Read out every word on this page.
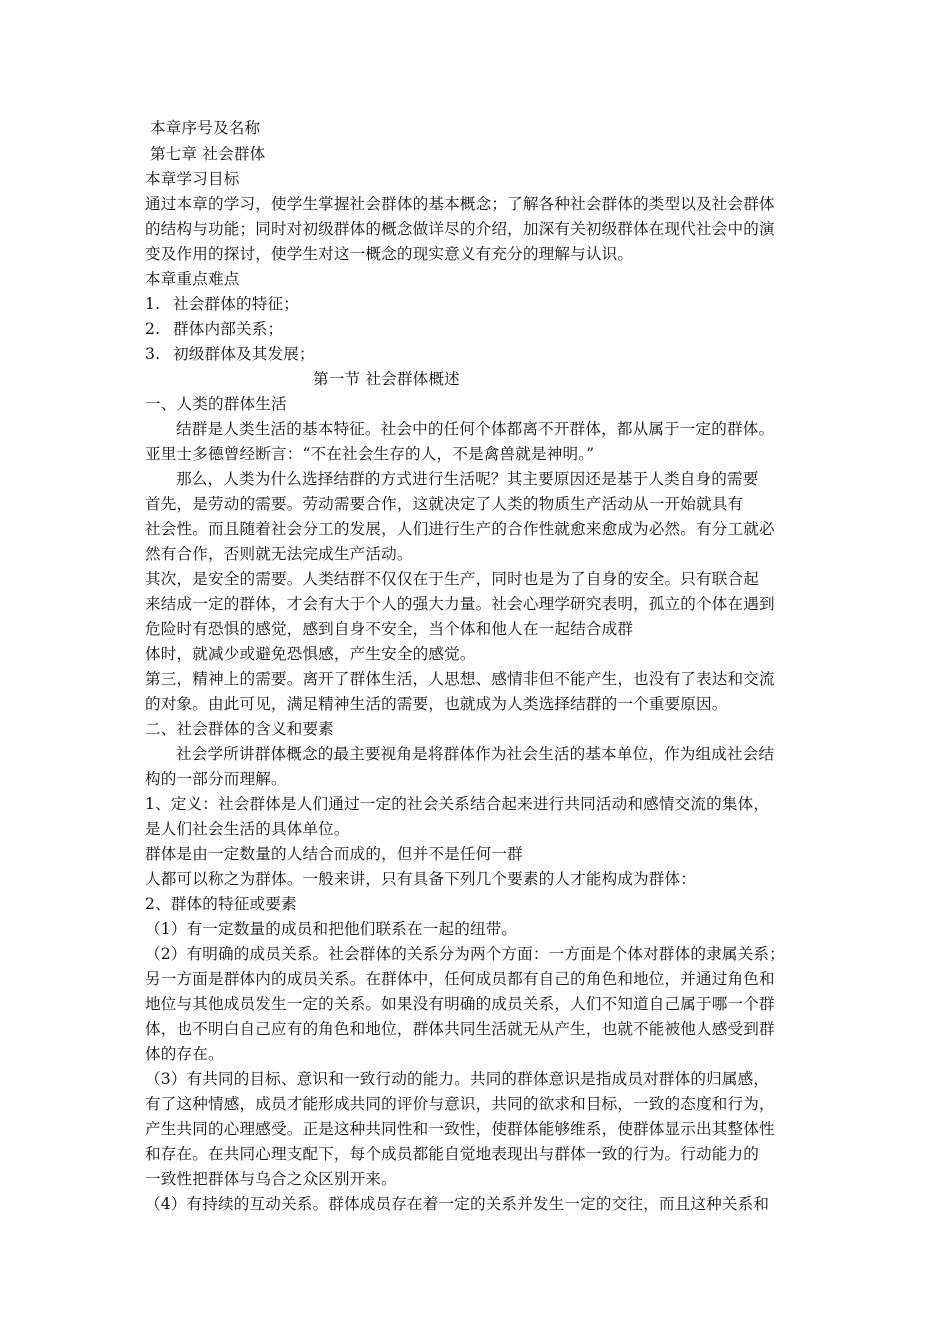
本章序号及名称
第七章 社会群体
本章学习目标
通过本章的学习，使学生掌握社会群体的基本概念；了解各种社会群体的类型以及社会群体
的结构与功能；同时对初级群体的概念做详尽的介绍，加深有关初级群体在现代社会中的演
变及作用的探讨，使学生对这一概念的现实意义有充分的理解与认识。
本章重点难点
1. 社会群体的特征；
2. 群体内部关系；
3. 初级群体及其发展；
第一节 社会群体概述
一、人类的群体生活
结群是人类生活的基本特征。社会中的任何个体都离不开群体，都从属于一定的群体。
亚里士多德曾经断言：“不在社会生存的人，不是禽兽就是神明。”
那么，人类为什么选择结群的方式进行生活呢？其主要原因还是基于人类自身的需要
首先，是劳动的需要。劳动需要合作，这就决定了人类的物质生产活动从一开始就具有
社会性。而且随着社会分工的发展，人们进行生产的合作性就愈来愈成为必然。有分工就必
然有合作，否则就无法完成生产活动。
其次，是安全的需要。人类结群不仅仅在于生产，同时也是为了自身的安全。只有联合起
来结成一定的群体，才会有大于个人的强大力量。社会心理学研究表明，孤立的个体在遇到
危险时有恐惧的感觉，感到自身不安全，当个体和他人在一起结合成群
体时，就减少或避免恐惧感，产生安全的感觉。
第三，精神上的需要。离开了群体生活，人思想、感情非但不能产生，也没有了表达和交流
的对象。由此可见，满足精神生活的需要，也就成为人类选择结群的一个重要原因。
二、社会群体的含义和要素
社会学所讲群体概念的最主要视角是将群体作为社会生活的基本单位，作为组成社会结
构的一部分而理解。
1、定义：社会群体是人们通过一定的社会关系结合起来进行共同活动和感情交流的集体，
是人们社会生活的具体单位。
群体是由一定数量的人结合而成的，但并不是任何一群
人都可以称之为群体。一般来讲，只有具备下列几个要素的人才能构成为群体：
2、群体的特征或要素
（1）有一定数量的成员和把他们联系在一起的纽带。
（2）有明确的成员关系。社会群体的关系分为两个方面：一方面是个体对群体的隶属关系；
另一方面是群体内的成员关系。在群体中，任何成员都有自己的角色和地位，并通过角色和
地位与其他成员发生一定的关系。如果没有明确的成员关系，人们不知道自己属于哪一个群
体，也不明白自己应有的角色和地位，群体共同生活就无从产生，也就不能被他人感受到群
体的存在。
（3）有共同的目标、意识和一致行动的能力。共同的群体意识是指成员对群体的归属感，
有了这种情感，成员才能形成共同的评价与意识，共同的欲求和目标，一致的态度和行为，
产生共同的心理感受。正是这种共同性和一致性，使群体能够维系，使群体显示出其整体性
和存在。在共同心理支配下，每个成员都能自觉地表现出与群体一致的行为。行动能力的
一致性把群体与乌合之众区别开来。
（4）有持续的互动关系。群体成员存在着一定的关系并发生一定的交往，而且这种关系和
